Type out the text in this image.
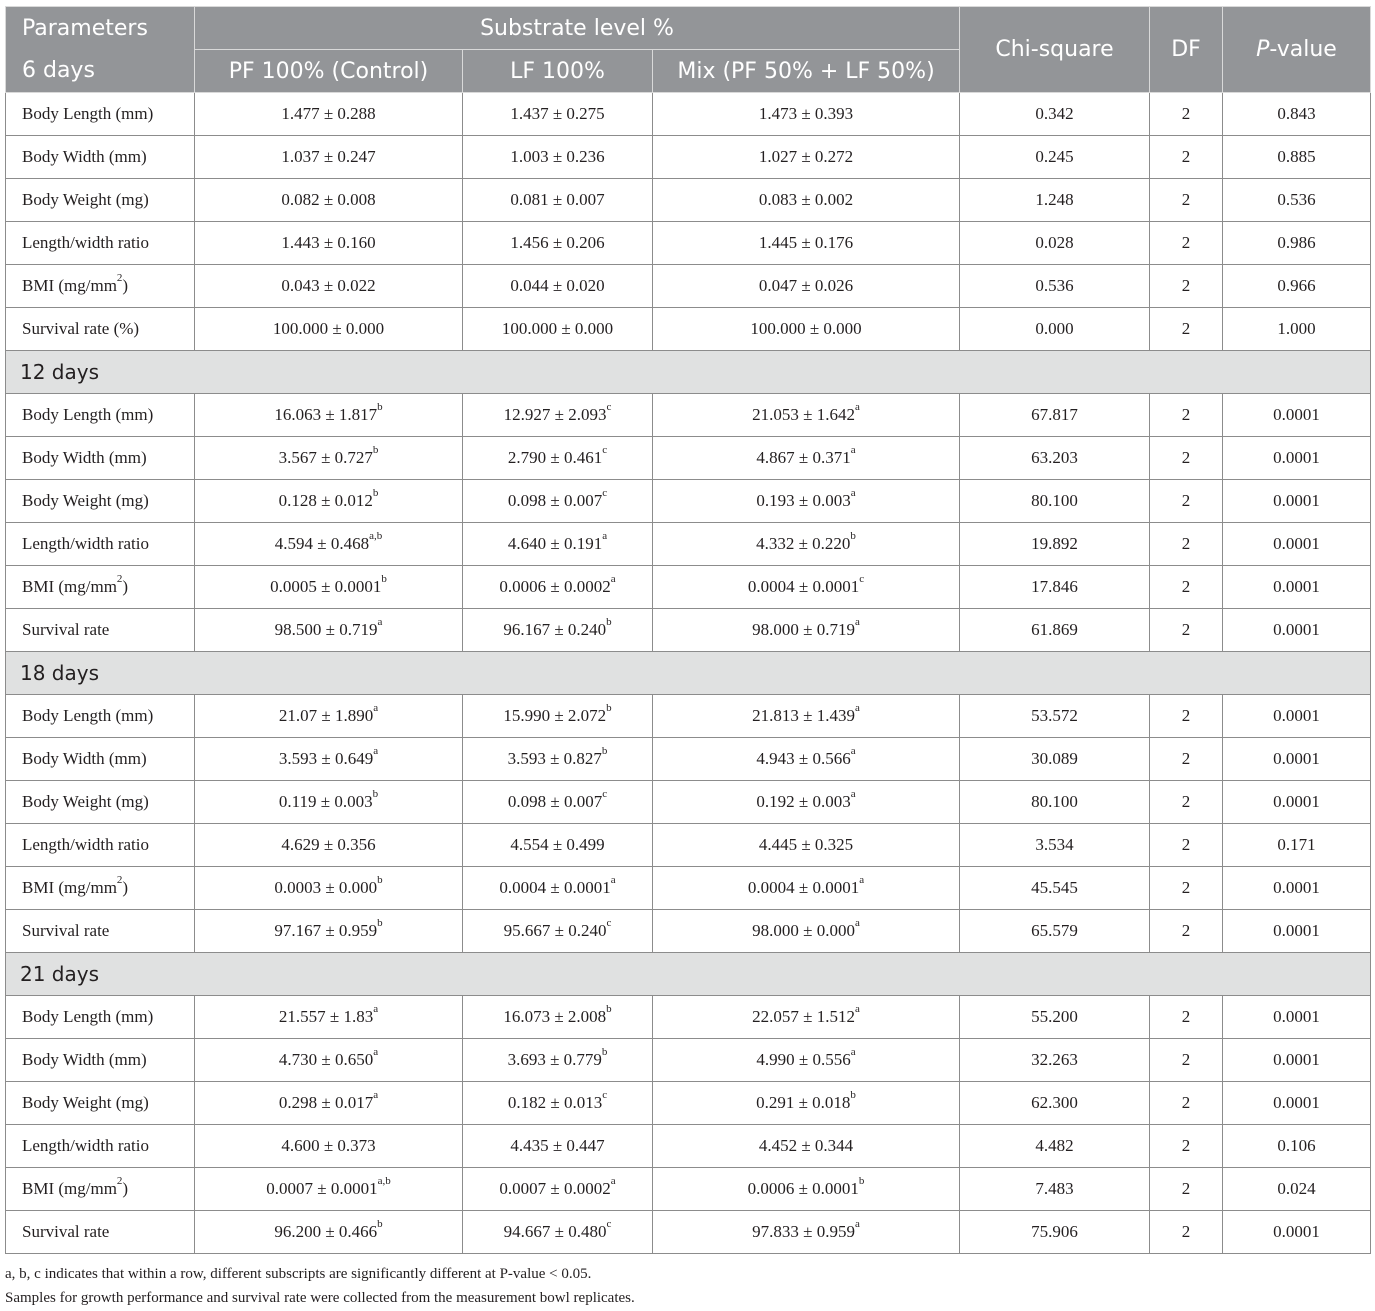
Parameters	Substrate level %			Chi-square	DF	P-value
6 days	PF 100% (Control)	LF 100%	Mix (PF 50% + LF 50%)			
Body Length (mm)	1.477 ± 0.288	1.437 ± 0.275	1.473 ± 0.393	0.342	2	0.843
Body Width (mm)	1.037 ± 0.247	1.003 ± 0.236	1.027 ± 0.272	0.245	2	0.885
Body Weight (mg)	0.082 ± 0.008	0.081 ± 0.007	0.083 ± 0.002	1.248	2	0.536
Length/width ratio	1.443 ± 0.160	1.456 ± 0.206	1.445 ± 0.176	0.028	2	0.986
BMI $(mg/mm^2)$	0.043 ± 0.022	0.044 ± 0.020	0.047 ± 0.026	0.536	2	0.966
Survival rate (%)	100.000 ± 0.000	100.000 ± 0.000	100.000 ± 0.000	0.000	2	1.000
12 days						
Body Length (mm)	16.063 ± 1.817$^b$	12.927 ± 2.093$^c$	21.053 ± 1.642$^a$	67.817	2	0.0001
Body Width (mm)	3.567 ± 0.727$^b$	2.790 ± 0.461$^c$	4.867 ± 0.371$^a$	63.203	2	0.0001
Body Weight (mg)	0.128 ± 0.012$^b$	0.098 ± 0.007$^c$	0.193 ± 0.003$^a$	80.100	2	0.0001
Length/width ratio	$4.594 \pm 0.468^{a,b}$	4.640 ± 0.191$^a$	4.332 ± 0.220$^b$	19.892	2	0.0001
BMI $(mg/mm^2)$	0.0005 ± 0.0001$^b$	0.0006 ± 0.0002$^a$	0.0004 ± 0.0001$^c$	17.846	2	0.0001
Survival rate	98.500 ± 0.719$^a$	96.167 ± 0.240$^b$	98.000 ± 0.719$^a$	61.869	2	0.0001
18 days						
Body Length (mm)	21.07 ± 1.890$^a$	15.990 ± 2.072$^b$	21.813 ± 1.439$^a$	53.572	2	0.0001
Body Width (mm)	3.593 ± 0.649$^a$	3.593 ± 0.827$^b$	4.943 ± 0.566$^a$	30.089	2	0.0001
Body Weight (mg)	0.119 ± 0.003$^b$	0.098 ± 0.007$^c$	0.192 ± 0.003$^a$	80.100	2	0.0001
Length/width ratio	4.629 ± 0.356	4.554 ± 0.499	4.445 ± 0.325	3.534	2	0.171
BMI $(mg/mm^2)$	0.0003 ± 0.000$^b$	0.0004 ± 0.0001$^a$	0.0004 ± 0.0001$^a$	45.545	2	0.0001
Survival rate	97.167 ± 0.959$^b$	95.667 ± 0.240$^c$	98.000 ± 0.000$^a$	65.579	2	0.0001
21 days						
Body Length (mm)	21.557 ± 1.83$^a$	16.073 ± 2.008$^b$	22.057 ± 1.512$^a$	55.200	2	0.0001
Body Width (mm)	4.730 ± 0.650$^a$	3.693 ± 0.779$^b$	4.990 ± 0.556$^a$	32.263	2	0.0001
Body Weight (mg)	0.298 ± 0.017$^a$	0.182 ± 0.013$^c$	0.291 ± 0.018$^b$	62.300	2	0.0001
Length/width ratio	4.600 ± 0.373	4.435 ± 0.447	4.452 ± 0.344	4.482	2	0.106
BMI $(mg/mm^2)$	$0.0007 \pm 0.0001^{a,b}$	0.0007 ± 0.0002$^a$	0.0006 ± 0.0001$^b$	7.483	2	0.024
Survival rate	96.200 ± 0.466$^b$	94.667 ± 0.480$^c$	97.833 ± 0.959$^a$	75.906	2	0.0001
a, b, c indicates that within a row, different subscripts are significantly different at P-value < 0.05.
Samples for growth performance and survival rate were collected from the measurement bowl replicates.
